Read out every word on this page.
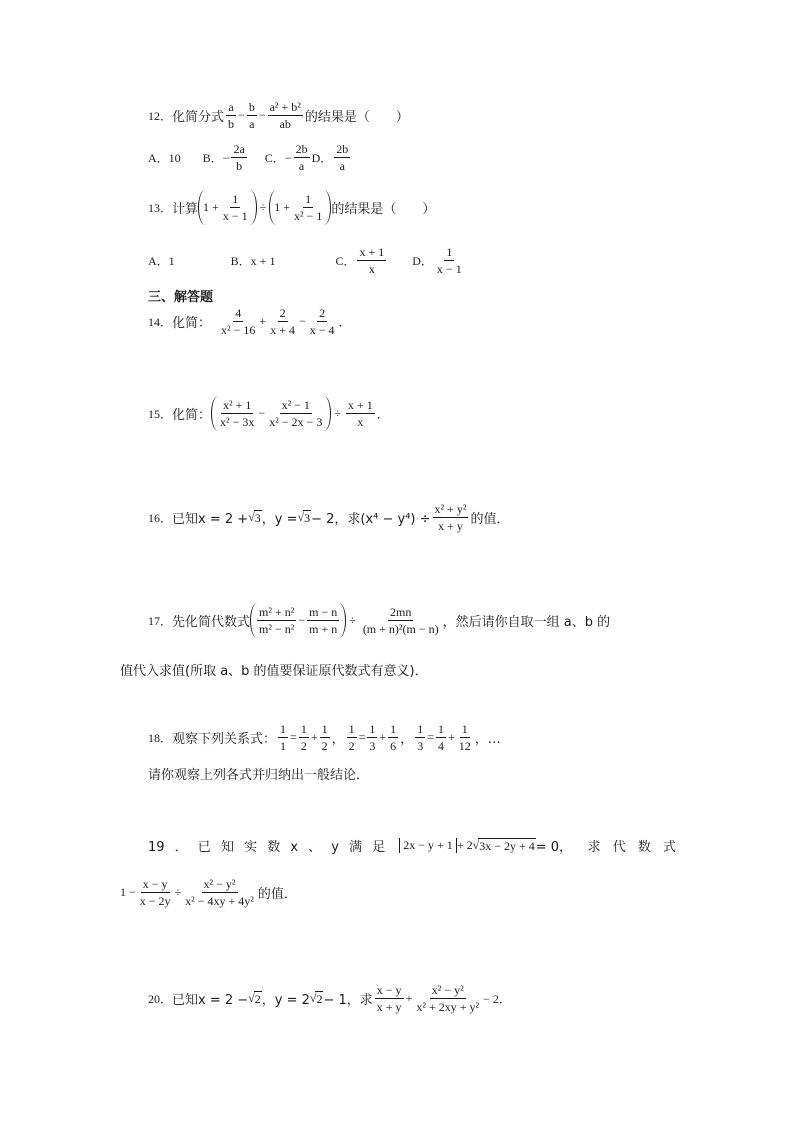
12． 化简分式 $\frac{a}{b} - \frac{b}{a} - \frac{\text{a² + b²}}{ab}$ 的结果是（　　）
A．10 B．− $\frac{2a}{b}$ C．− $\frac{2b}{a}$ D． $\frac{2b}{a}$
13． 计算 $1 + \frac{1}{x - 1} \div 1 + \frac{1}{\text{x² − 1}}$ 的结果是（　　）
A．1	B．x + 1	C． $\frac{x + 1}{x}$ D． $\frac{1}{x - 1}$
三、解答题
14． 化简： $\frac{4}{\text{x² − 16}} + \frac{2}{x + 4} - \frac{2}{x - 4}$ ．
15． 化简： $\frac{\text{x² + 1}}{\text{x² − 3x}} - \frac{\text{x² − 1}}{\text{x² − 2x − 3}} \div \frac{x + 1}{x}$ ．
16． 已知x = 2 + √ 3 ，y = √ 3 − 2，求$(x^4 - y^4) \div \frac{\text{x² + y²}}{x + y}$ 的值．
17． 先化简代数式 $\frac{\text{m² + n²}}{\text{m² − n²}} - \frac{m - n}{m + n} \div \frac{2mn}{\text{(m + n)²(m − n)}}$ ，然后请你自取一组 a、b 的
值代入求值(所取 a、b 的值要保证原代数式有意义)．
18． 观察下列关系式： $\frac{1}{1} = \frac{1}{2} + \frac{1}{2}$ ， $\frac{1}{2} = \frac{1}{3} + \frac{1}{6}$ ， $\frac{1}{3} = \frac{1}{4} + \frac{1}{12}$ ，…
请你观察上列各式并归纳出一般结论．
19 ． 已 知 实 数 x 、 y 满 足	2x − y + 1 + 2 √ 3x − 2y + 4 = 0， 求 代 数 式
$1 - \frac{x - y}{x - 2y} \div \frac{\text{x² − y²}}{\text{x² − 4xy + 4y²}}$ 的值．
20． 已知x = 2 − √ 2 ，y = 2 √ 2 − 1，求 $\frac{x - y}{x + y} + \frac{\text{x² − y²}}{\text{x² + 2xy + y²}} - 2$．
